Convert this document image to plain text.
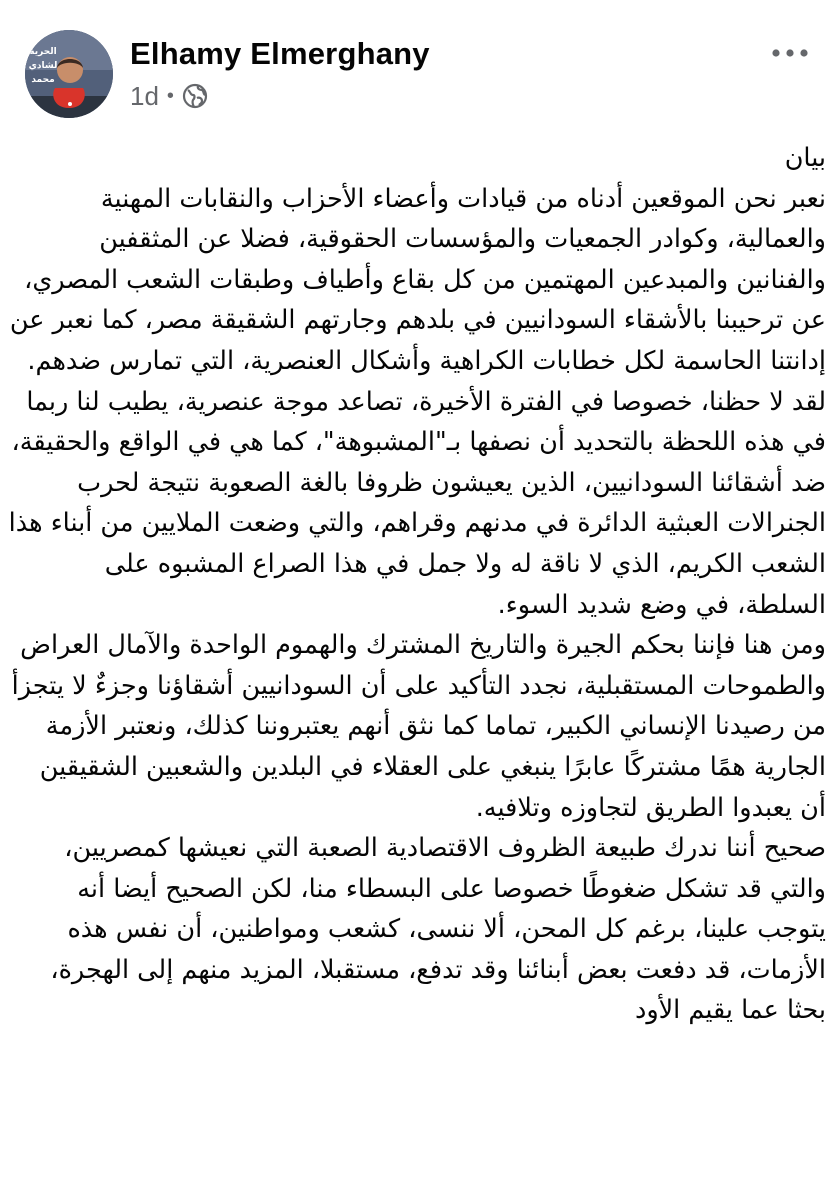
الحرية
لشادي
محمد
Elhamy Elmerghany
1d •

بيان

نعبر نحن الموقعين أدناه من قيادات وأعضاء الأحزاب والنقابات المهنية والعمالية، وكوادر الجمعيات والمؤسسات الحقوقية، فضلا عن المثقفين والفنانين والمبدعين المهتمين من كل بقاع وأطياف وطبقات الشعب المصري، عن ترحيبنا بالأشقاء السودانيين في بلدهم وجارتهم الشقيقة مصر، كما نعبر عن إدانتنا الحاسمة لكل خطابات الكراهية وأشكال العنصرية، التي تمارس ضدهم.

لقد لا حظنا، خصوصا في الفترة الأخيرة، تصاعد موجة عنصرية، يطيب لنا ربما في هذه اللحظة بالتحديد أن نصفها بـ"المشبوهة"، كما هي في الواقع والحقيقة، ضد أشقائنا السودانيين، الذين يعيشون ظروفا بالغة الصعوبة نتيجة لحرب الجنرالات العبثية الدائرة في مدنهم وقراهم، والتي وضعت الملايين من أبناء هذا الشعب الكريم، الذي لا ناقة له ولا جمل في هذا الصراع المشبوه على السلطة، في وضع شديد السوء.

ومن هنا فإننا بحكم الجيرة والتاريخ المشترك والهموم الواحدة والآمال العراض والطموحات المستقبلية، نجدد التأكيد على أن السودانيين أشقاؤنا وجزءٌ لا يتجزأ من رصيدنا الإنساني الكبير، تماما كما نثق أنهم يعتبروننا كذلك، ونعتبر الأزمة الجارية همًا مشتركًا عابرًا ينبغي على العقلاء في البلدين والشعبين الشقيقين أن يعبدوا الطريق لتجاوزه وتلافيه.

صحيح أننا ندرك طبيعة الظروف الاقتصادية الصعبة التي نعيشها كمصريين، والتي قد تشكل ضغوطًا خصوصا على البسطاء منا، لكن الصحيح أيضا أنه يتوجب علينا، برغم كل المحن، ألا ننسى، كشعب ومواطنين، أن نفس هذه الأزمات، قد دفعت بعض أبنائنا وقد تدفع، مستقبلا، المزيد منهم إلى الهجرة، بحثا عما يقيم الأود
